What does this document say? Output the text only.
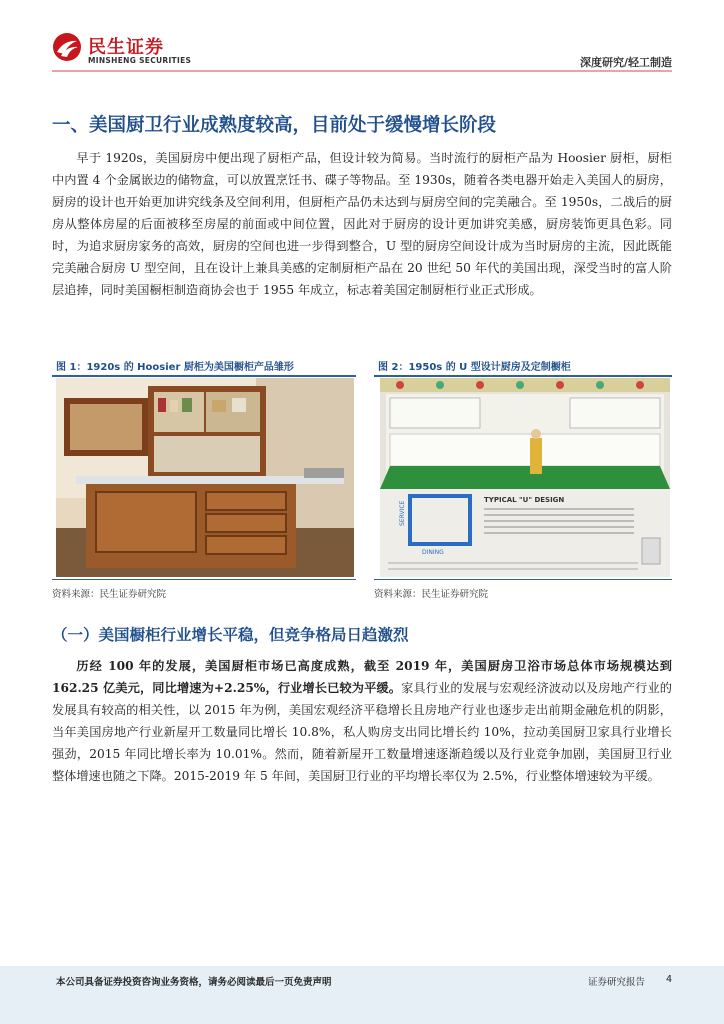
民生证券
MINSHENG SECURITIES	深度研究/轻工制造
一、美国厨卫行业成熟度较高，目前处于缓慢增长阶段

早于 1920s，美国厨房中便出现了厨柜产品，但设计较为简易。当时流行的厨柜产品为 Hoosier 厨柜，厨柜中内置 4 个金属嵌边的储物盒，可以放置烹饪书、碟子等物品。至 1930s，随着各类电器开始走入美国人的厨房，厨房的设计也开始更加讲究线条及空间利用，但厨柜产品仍未达到与厨房空间的完美融合。至 1950s，二战后的厨房从整体房屋的后面被移至房屋的前面或中间位置，因此对于厨房的设计更加讲究美感，厨房装饰更具色彩。同时，为追求厨房家务的高效，厨房的空间也进一步得到整合，U 型的厨房空间设计成为当时厨房的主流，因此既能完美融合厨房 U 型空间，且在设计上兼具美感的定制厨柜产品在 20 世纪 50 年代的美国出现，深受当时的富人阶层追捧，同时美国橱柜制造商协会也于 1955 年成立，标志着美国定制厨柜行业正式形成。

图 1：1920s 的 Hoosier 厨柜为美国橱柜产品雏形
资料来源：民生证券研究院
图 2：1950s 的 U 型设计厨房及定制橱柜
SERVICE
DINING
TYPICAL "U" DESIGN
资料来源：民生证券研究院
（一）美国橱柜行业增长平稳，但竞争格局日趋激烈

历经 100 年的发展，美国厨柜市场已高度成熟，截至 2019 年，美国厨房卫浴市场总体市场规模达到 162.25 亿美元，同比增速为+2.25%，行业增长已较为平缓。家具行业的发展与宏观经济波动以及房地产行业的发展具有较高的相关性，以 2015 年为例，美国宏观经济平稳增长且房地产行业也逐步走出前期金融危机的阴影，当年美国房地产行业新屋开工数量同比增长 10.8%，私人购房支出同比增长约 10%，拉动美国厨卫家具行业增长强劲，2015 年同比增长率为 10.01%。然而，随着新屋开工数量增速逐渐趋缓以及行业竞争加剧，美国厨卫行业整体增速也随之下降。2015-2019 年 5 年间，美国厨卫行业的平均增长率仅为 2.5%，行业整体增速较为平缓。

本公司具备证券投资咨询业务资格，请务必阅读最后一页免责声明	证券研究报告 4
